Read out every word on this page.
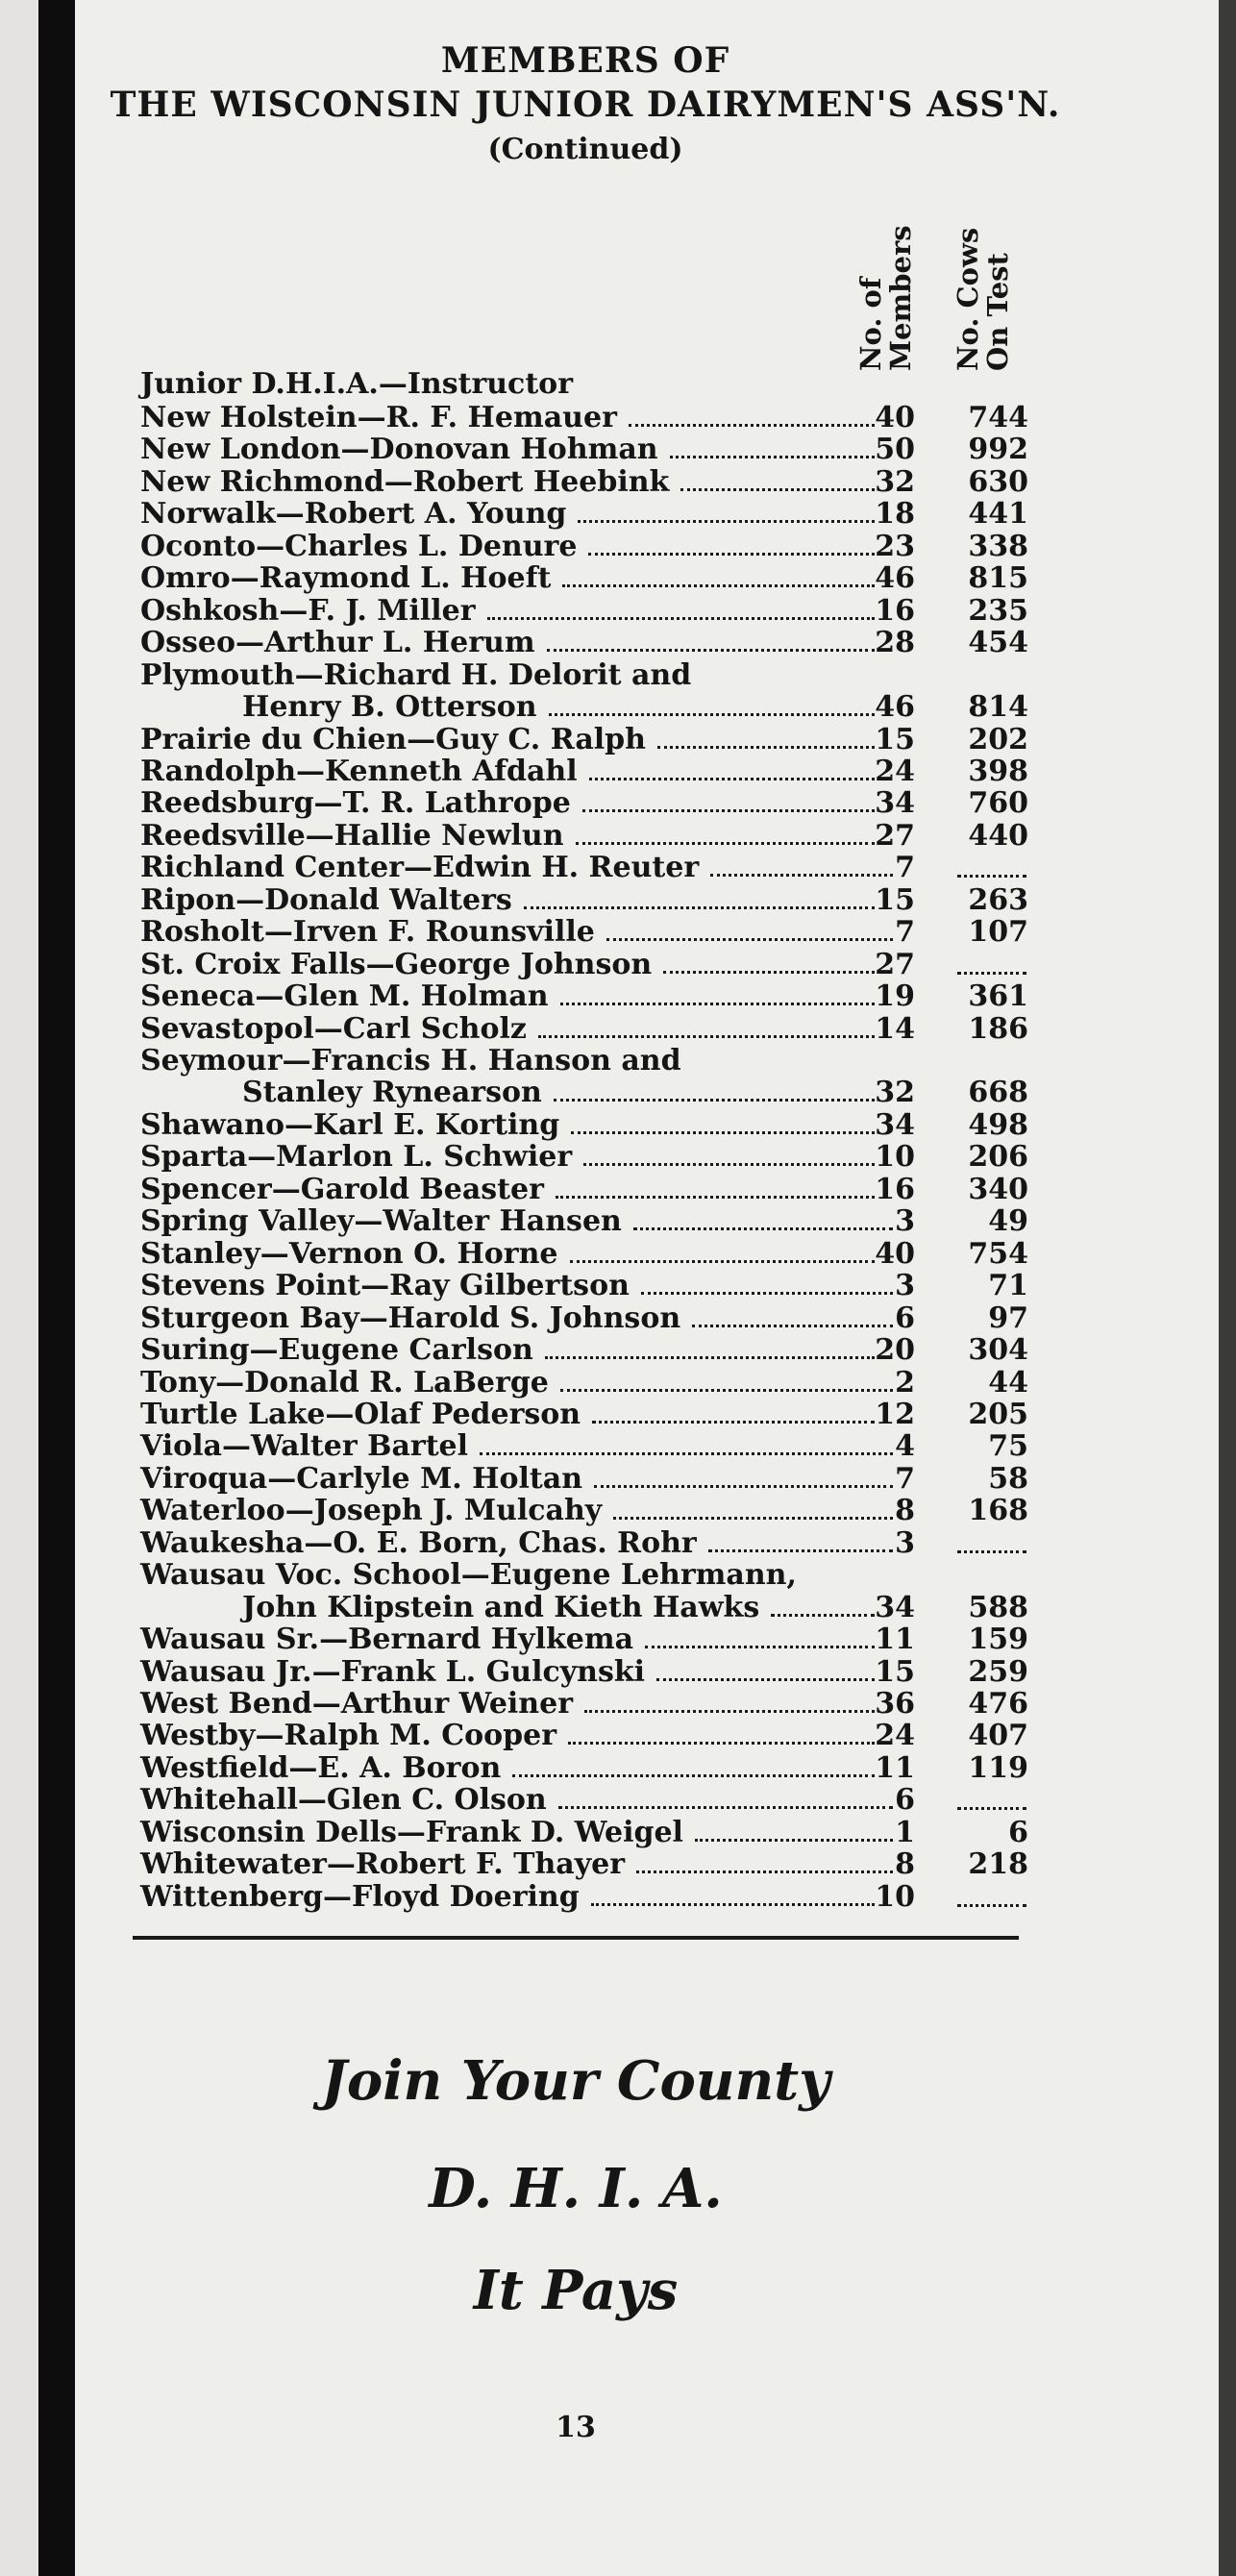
MEMBERS OF
THE WISCONSIN JUNIOR DAIRYMEN'S ASS'N.
(Continued)
No. of
Members No. Cows
On Test
Junior D.H.I.A.—Instructor
New Holstein—R. F. Hemauer	40	744
New London—Donovan Hohman	50	992
New Richmond—Robert Heebink	32	630
Norwalk—Robert A. Young	18	441
Oconto—Charles L. Denure	23	338
Omro—Raymond L. Hoeft	46	815
Oshkosh—F. J. Miller	16	235
Osseo—Arthur L. Herum	28	454
Plymouth—Richard H. Delorit and
Henry B. Otterson	46	814
Prairie du Chien—Guy C. Ralph	15	202
Randolph—Kenneth Afdahl	24	398
Reedsburg—T. R. Lathrope	34	760
Reedsville—Hallie Newlun	27	440
Richland Center—Edwin H. Reuter	7
Ripon—Donald Walters	15	263
Rosholt—Irven F. Rounsville	7	107
St. Croix Falls—George Johnson	27
Seneca—Glen M. Holman	19	361
Sevastopol—Carl Scholz	14	186
Seymour—Francis H. Hanson and
Stanley Rynearson	32	668
Shawano—Karl E. Korting	34	498
Sparta—Marlon L. Schwier	10	206
Spencer—Garold Beaster	16	340
Spring Valley—Walter Hansen	3	49
Stanley—Vernon O. Horne	40	754
Stevens Point—Ray Gilbertson	3	71
Sturgeon Bay—Harold S. Johnson	6	97
Suring—Eugene Carlson	20	304
Tony—Donald R. LaBerge	2	44
Turtle Lake—Olaf Pederson	12	205
Viola—Walter Bartel	4	75
Viroqua—Carlyle M. Holtan	7	58
Waterloo—Joseph J. Mulcahy	8	168
Waukesha—O. E. Born, Chas. Rohr	3
Wausau Voc. School—Eugene Lehrmann,
John Klipstein and Kieth Hawks	34	588
Wausau Sr.—Bernard Hylkema	11	159
Wausau Jr.—Frank L. Gulcynski	15	259
West Bend—Arthur Weiner	36	476
Westby—Ralph M. Cooper	24	407
Westfield—E. A. Boron	11	119
Whitehall—Glen C. Olson	6
Wisconsin Dells—Frank D. Weigel	1	6
Whitewater—Robert F. Thayer	8	218
Wittenberg—Floyd Doering	10
Join Your County
D. H. I. A.
It Pays
13
